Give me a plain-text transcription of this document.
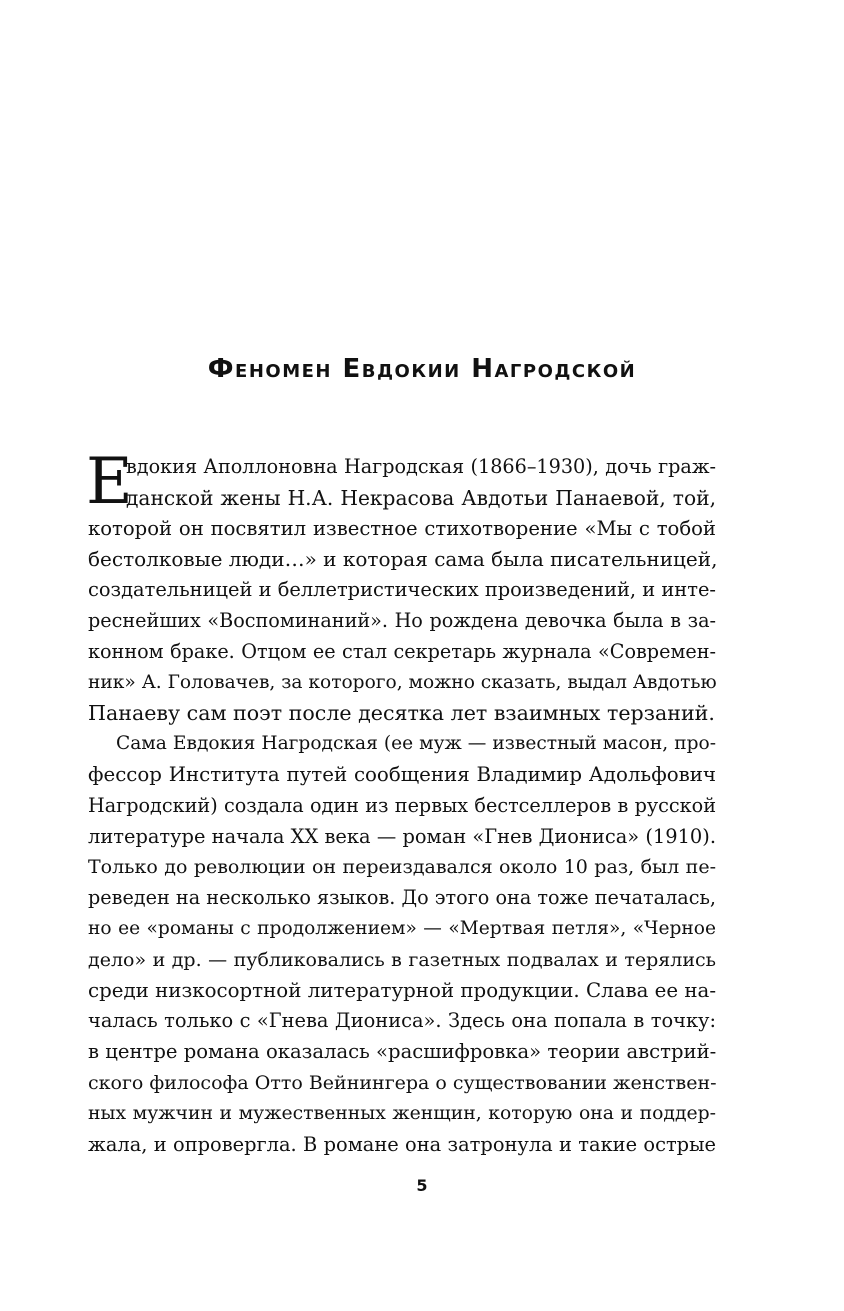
Феномен Евдокии Нагродской
Е
вдокия Аполлоновна Нагродская (1866–1930), дочь граж-
данской жены Н.А. Некрасова Авдотьи Панаевой, той,
которой он посвятил известное стихотворение «Мы с тобой
бестолковые люди…» и которая сама была писательницей,
создательницей и беллетристических произведений, и инте-
реснейших «Воспоминаний». Но рождена девочка была в за-
конном браке. Отцом ее стал секретарь журнала «Современ-
ник» А. Головачев, за которого, можно сказать, выдал Авдотью
Панаеву сам поэт после десятка лет взаимных терзаний.
Сама Евдокия Нагродская (ее муж — известный масон, про-
фессор Института путей сообщения Владимир Адольфович
Нагродский) создала один из первых бестселлеров в русской
литературе начала ХХ века — роман «Гнев Диониса» (1910).
Только до революции он переиздавался около 10 раз, был пе-
реведен на несколько языков. До этого она тоже печаталась,
но ее «романы с продолжением» — «Мертвая петля», «Черное
дело» и др. — публиковались в газетных подвалах и терялись
среди низкосортной литературной продукции. Слава ее на-
чалась только с «Гнева Диониса». Здесь она попала в точку:
в центре романа оказалась «расшифровка» теории австрий-
ского философа Отто Вейнингера о существовании женствен-
ных мужчин и мужественных женщин, которую она и поддер-
жала, и опровергла. В романе она затронула и такие острые
5
